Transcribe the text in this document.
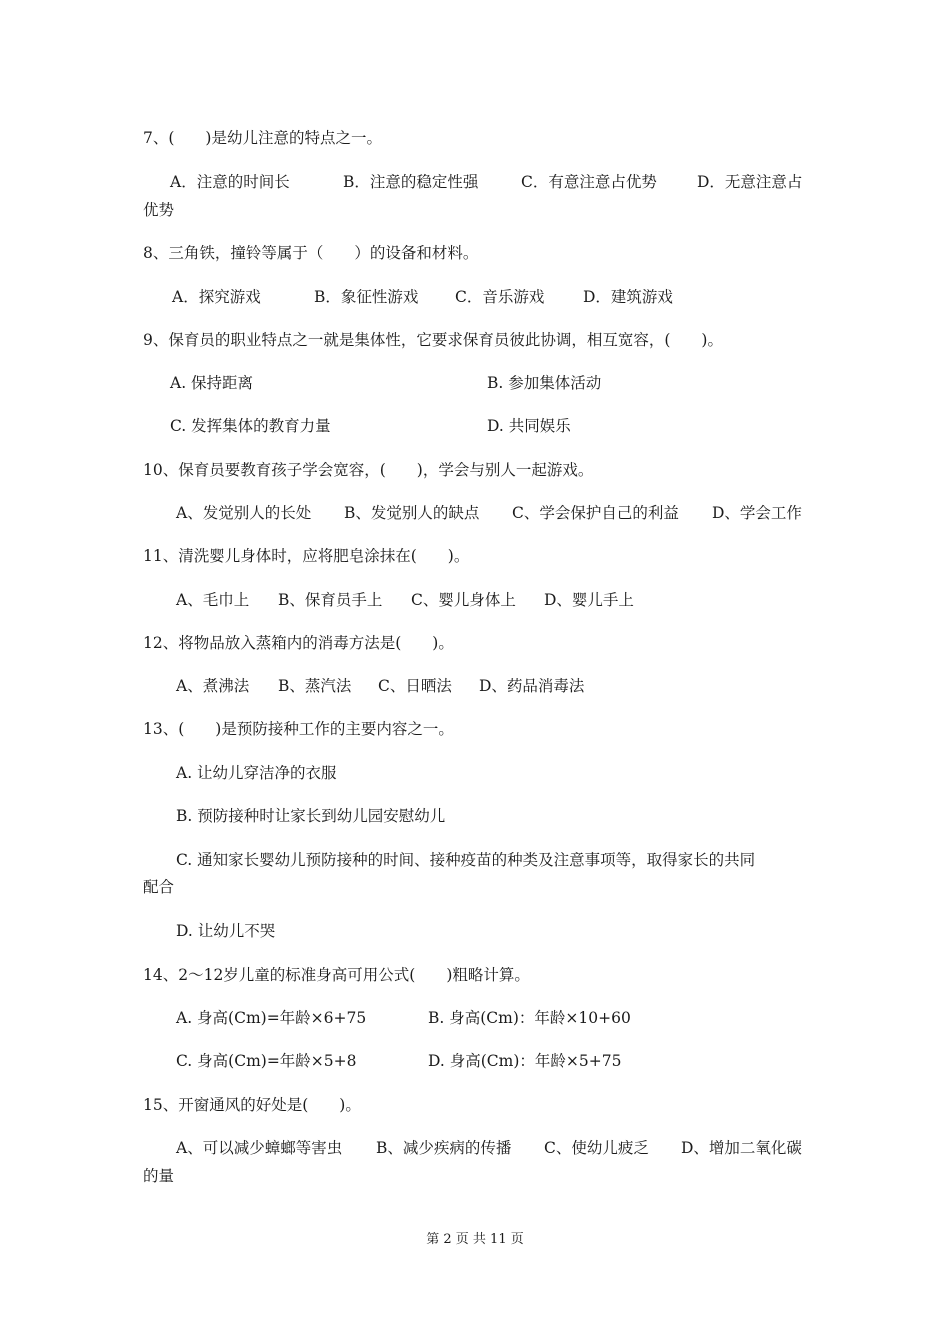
7、(　　)是幼儿注意的特点之一。
A．注意的时间长	B．注意的稳定性强	C．有意注意占优势	D．无意注意占
优势
8、三角铁，撞铃等属于（　　）的设备和材料。
A．探究游戏	B．象征性游戏 C．音乐游戏 D．建筑游戏
9、保育员的职业特点之一就是集体性，它要求保育员彼此协调，相互宽容，(　　)。
A. 保持距离	B. 参加集体活动
C. 发挥集体的教育力量	D. 共同娱乐
10、保育员要教育孩子学会宽容，(　　)，学会与别人一起游戏。
A、发觉别人的长处 B、发觉别人的缺点 C、学会保护自己的利益 D、学会工作
11、清洗婴儿身体时，应将肥皂涂抹在(　　)。
A、毛巾上 B、保育员手上 C、婴儿身体上 D、婴儿手上
12、将物品放入蒸箱内的消毒方法是(　　)。
A、煮沸法 B、蒸汽法 C、日晒法 D、药品消毒法
13、(　　)是预防接种工作的主要内容之一。
A. 让幼儿穿洁净的衣服
B. 预防接种时让家长到幼儿园安慰幼儿
C. 通知家长婴幼儿预防接种的时间、接种疫苗的种类及注意事项等，取得家长的共同
配合
D. 让幼儿不哭
14、2～12岁儿童的标准身高可用公式(　　)粗略计算。
A. 身高(Cm)=年龄×6+75	B. 身高(Cm)：年龄×10+60
C. 身高(Cm)=年龄×5+8	D. 身高(Cm)：年龄×5+75
15、开窗通风的好处是(　　)。
A、可以减少蟑螂等害虫 B、减少疾病的传播 C、使幼儿疲乏 D、增加二氧化碳
的量
第 2 页 共 11 页
